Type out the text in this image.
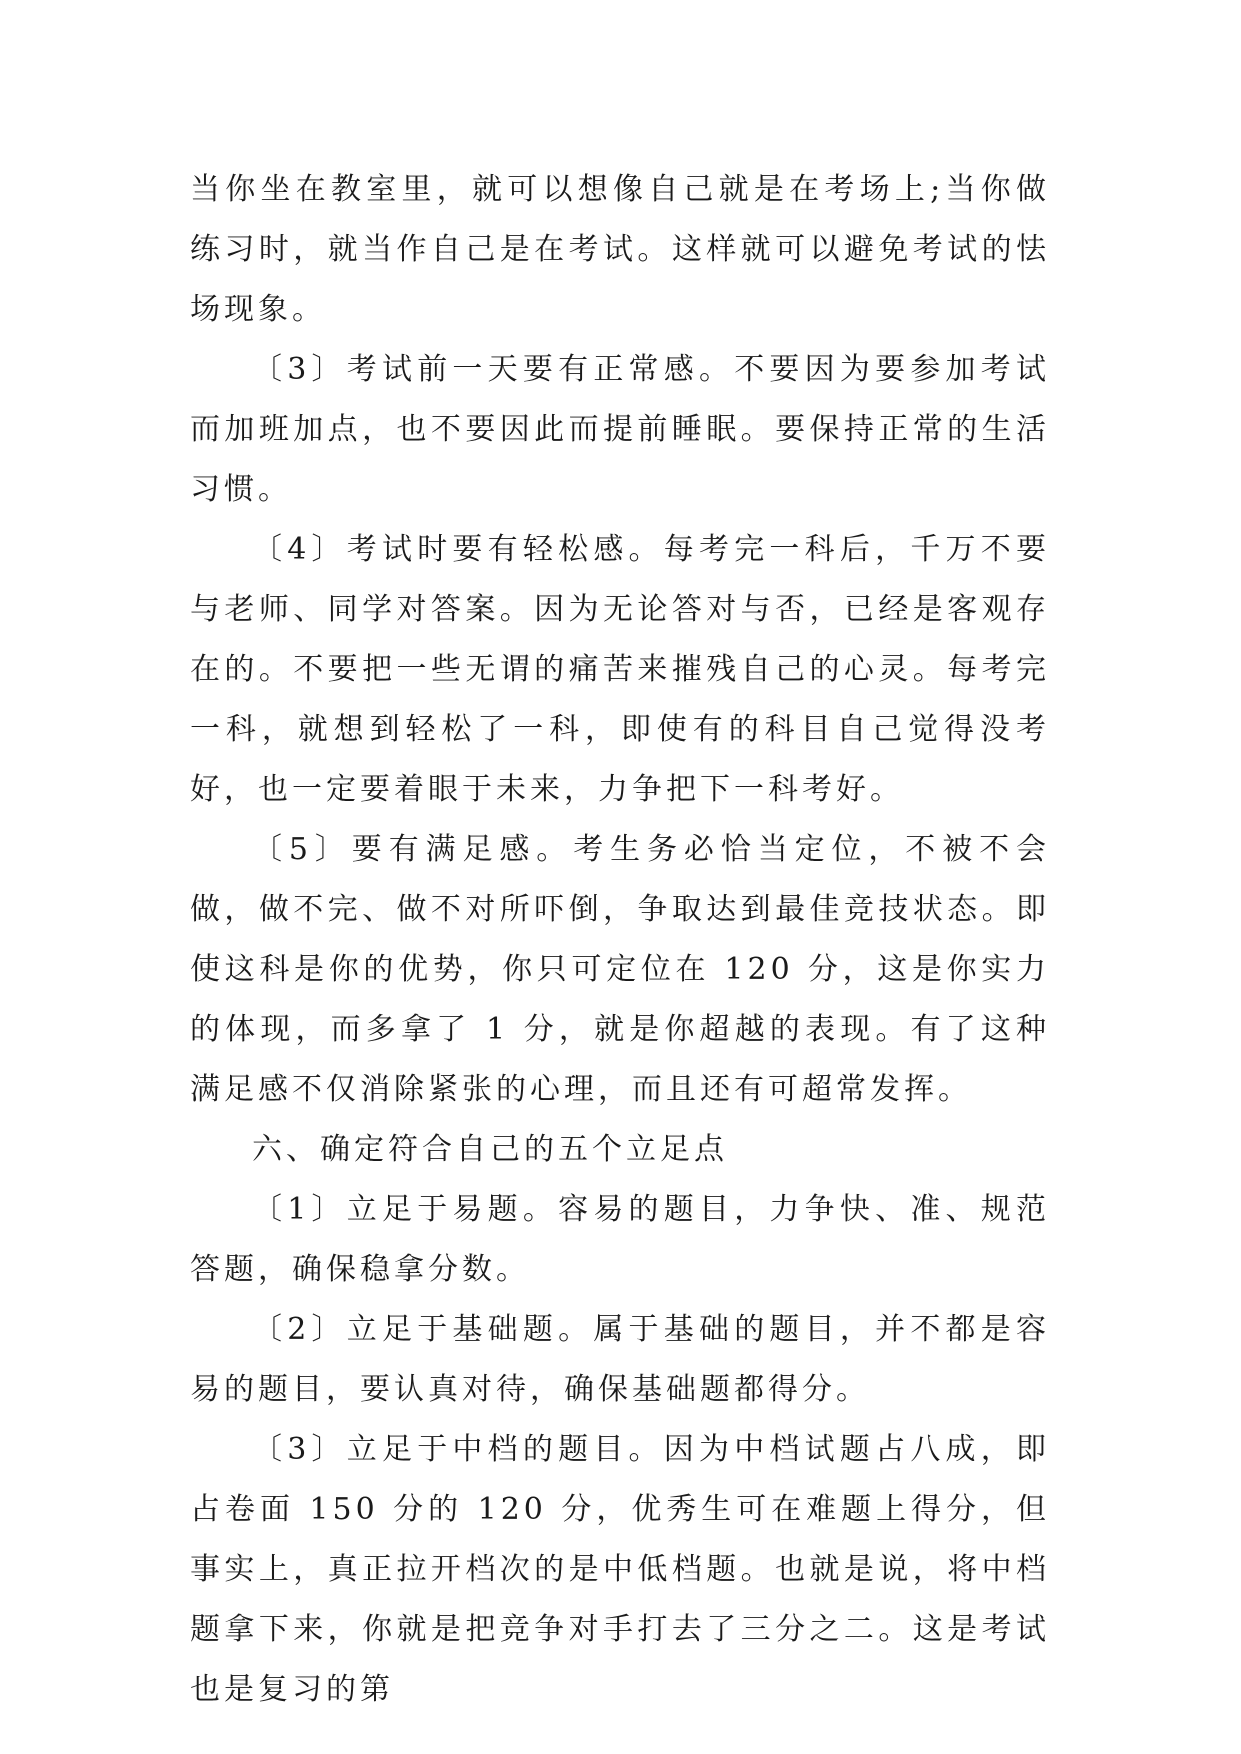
当你坐在教室里，就可以想像自己就是在考场上;当你做练习时，就当作自己是在考试。这样就可以避免考试的怯场现象。

〔3〕考试前一天要有正常感。不要因为要参加考试而加班加点，也不要因此而提前睡眠。要保持正常的生活习惯。

〔4〕考试时要有轻松感。每考完一科后，千万不要与老师、同学对答案。因为无论答对与否，已经是客观存在的。不要把一些无谓的痛苦来摧残自己的心灵。每考完一科，就想到轻松了一科，即使有的科目自己觉得没考好，也一定要着眼于未来，力争把下一科考好。

〔5〕要有满足感。考生务必恰当定位，不被不会做，做不完、做不对所吓倒，争取达到最佳竞技状态。即使这科是你的优势，你只可定位在 120 分，这是你实力的体现，而多拿了 1 分，就是你超越的表现。有了这种满足感不仅消除紧张的心理，而且还有可超常发挥。

六、确定符合自己的五个立足点

〔1〕立足于易题。容易的题目，力争快、准、规范答题，确保稳拿分数。

〔2〕立足于基础题。属于基础的题目，并不都是容易的题目，要认真对待，确保基础题都得分。

〔3〕立足于中档的题目。因为中档试题占八成，即占卷面 150 分的 120 分，优秀生可在难题上得分，但事实上，真正拉开档次的是中低档题。也就是说，将中档题拿下来，你就是把竞争对手打去了三分之二。这是考试也是复习的第
